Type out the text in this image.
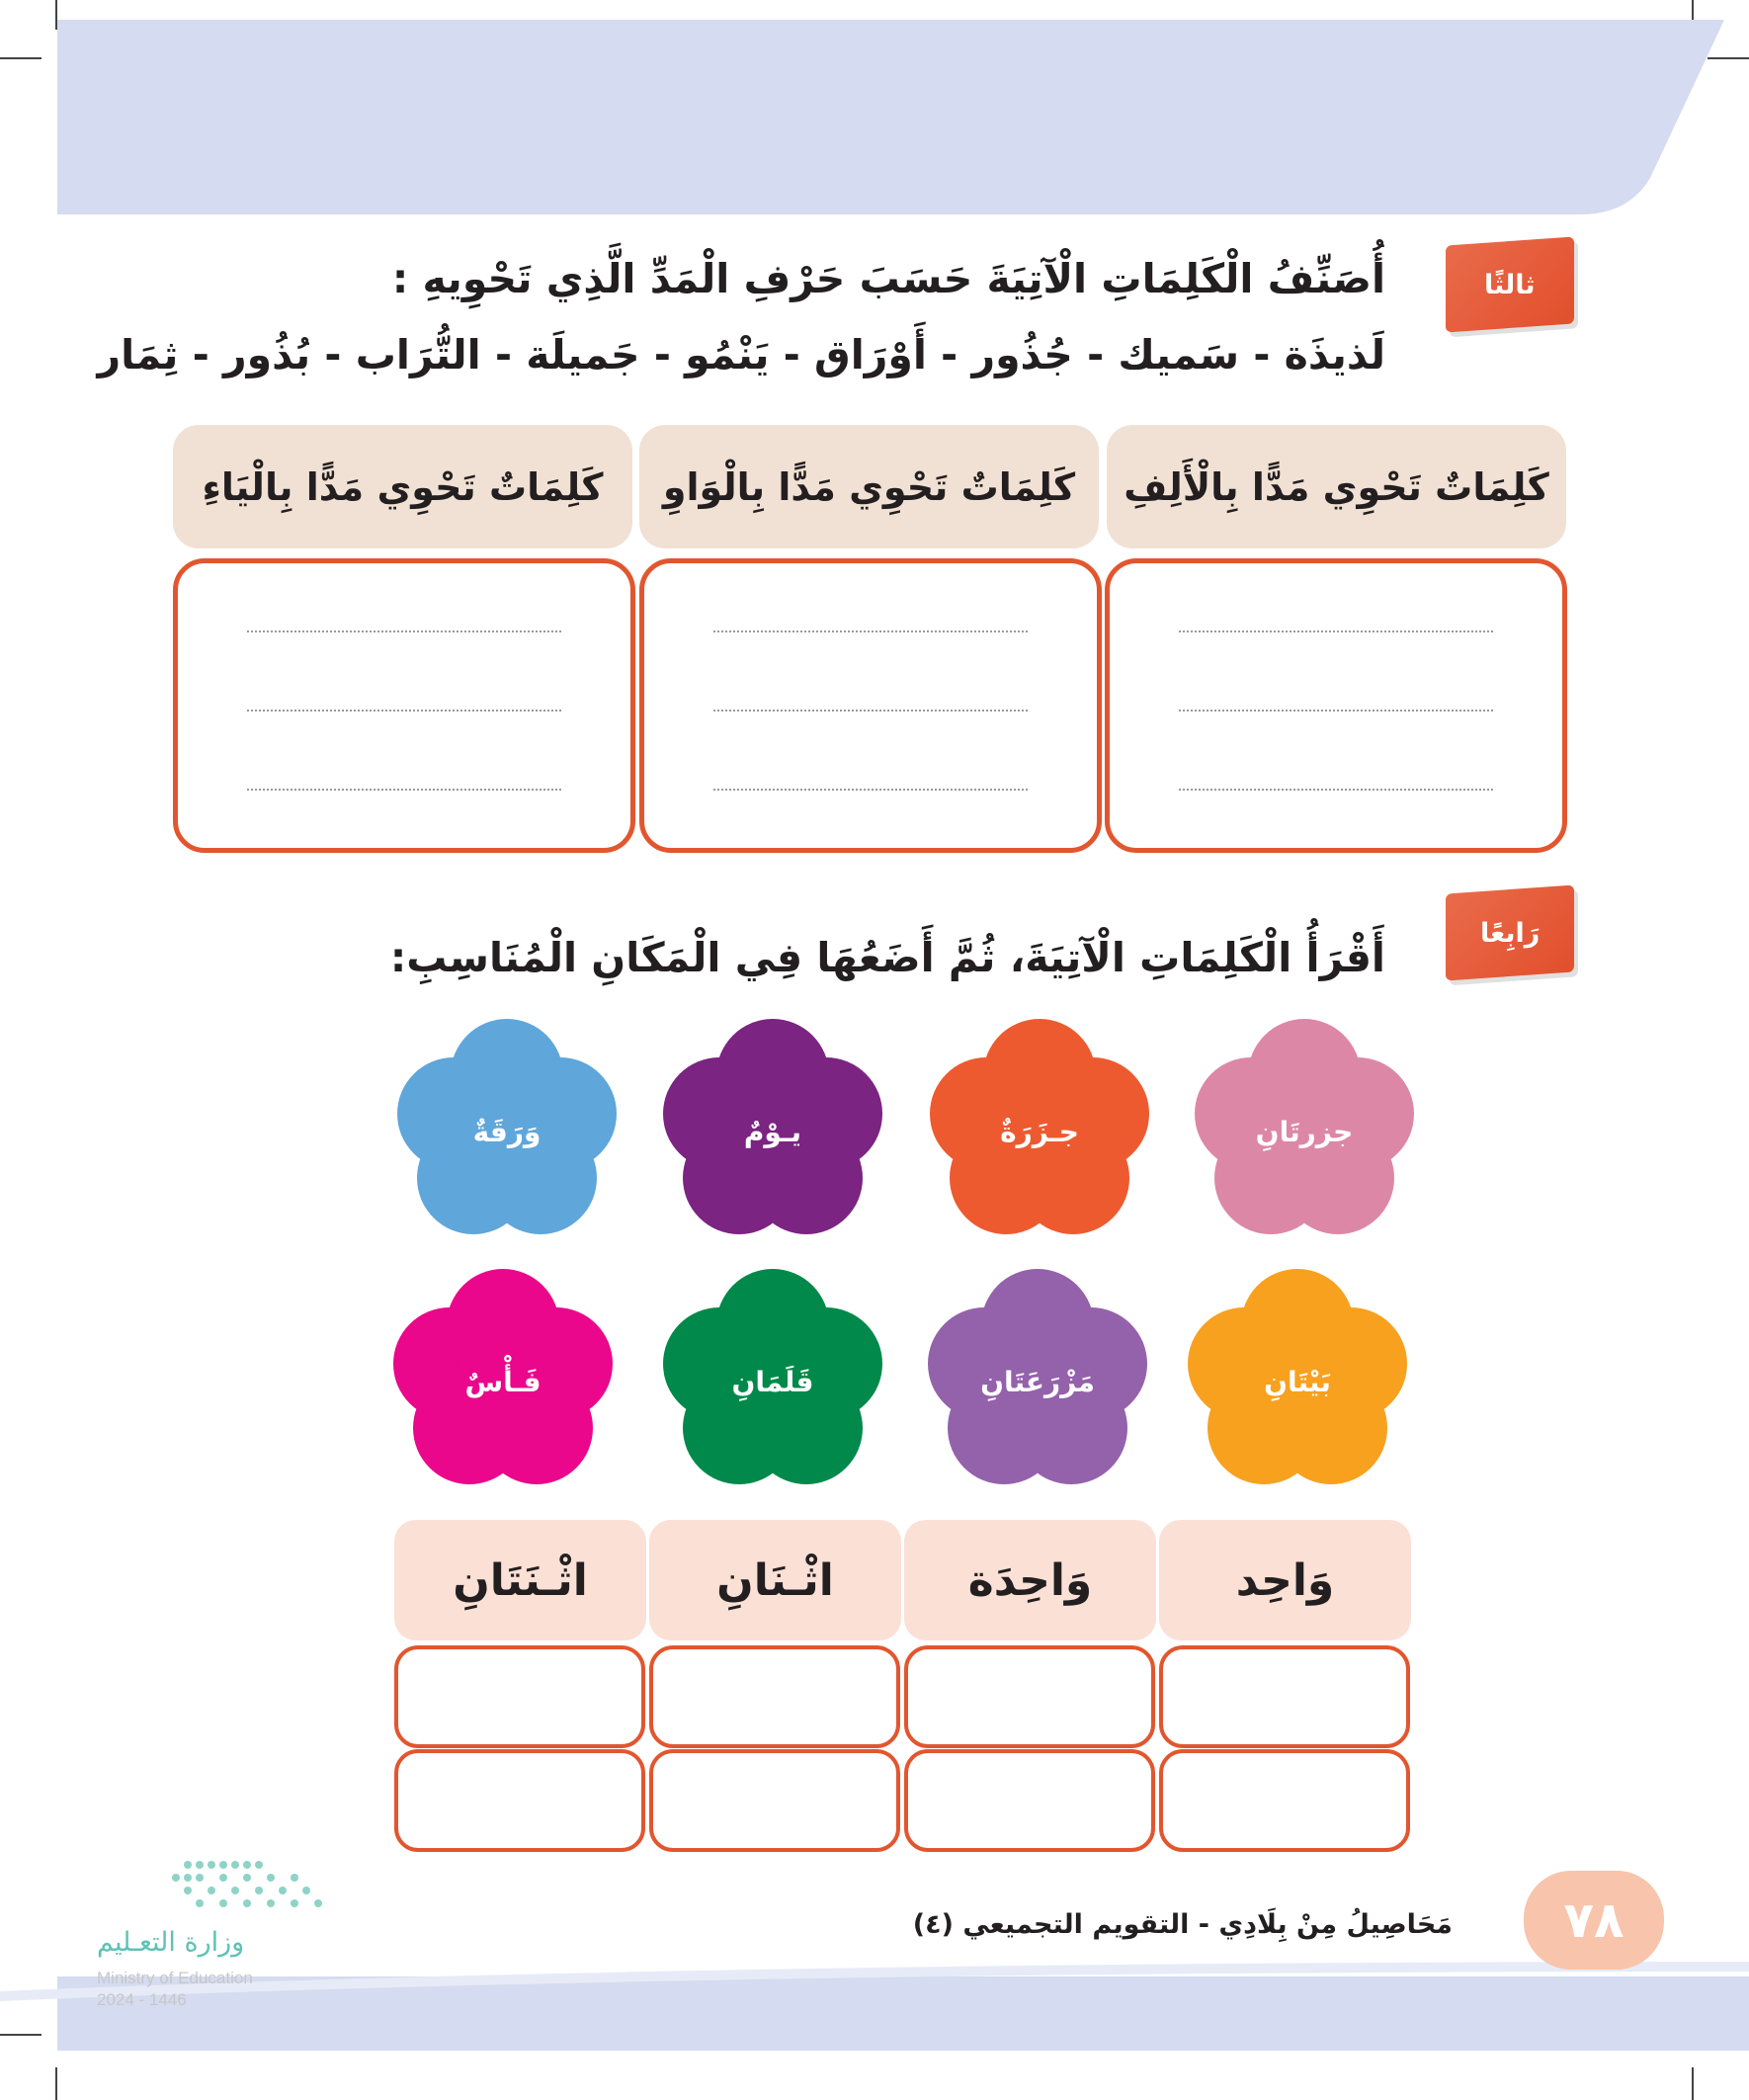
ثالثًا
أُصَنِّفُ الْكَلِمَاتِ الْآتِيَةَ حَسَبَ حَرْفِ الْمَدِّ الَّذِي تَحْوِيهِ :
لَذيذَة - سَميك - جُذُور - أَوْرَاق - يَنْمُو - جَميلَة - التُّرَاب - بُذُور - ثِمَار
كَلِمَاتٌ تَحْوِي مَدًّا بِالْأَلِفِ
كَلِمَاتٌ تَحْوِي مَدًّا بِالْوَاوِ
كَلِمَاتٌ تَحْوِي مَدًّا بِالْيَاءِ
رَابِعًا
أَقْرَأُ الْكَلِمَاتِ الْآتِيَةَ، ثُمَّ أَضَعُهَا فِي الْمَكَانِ الْمُنَاسِبِ:
جزرتَانِ
جـزَرَةٌ
يـوْمٌ
وَرَقَةٌ
بَيْتَانِ
مَزْرَعَتَانِ
قَلَمَانِ
فَـأْسٌ
وَاحِد
وَاحِدَة
اثْـنَانِ
اثْـنَتَانِ
٧٨
مَحَاصِيلُ مِنْ بِلَادِي - التقويم التجميعي (٤)
وزارة التعـليم
Ministry of Education
2024 - 1446
